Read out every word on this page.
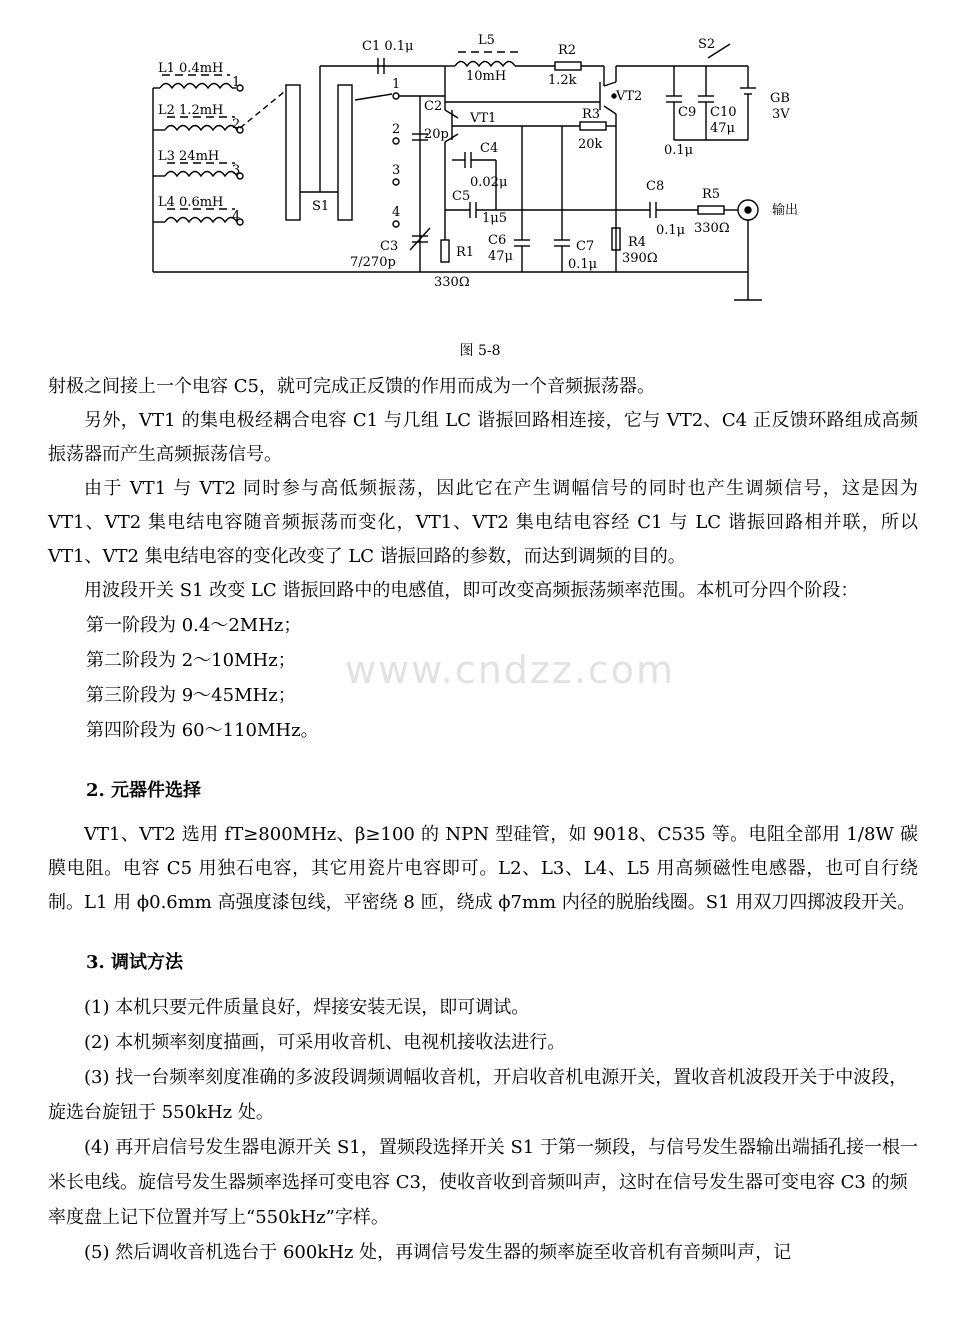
L1 0.4mH
L2 1.2mH
L3 24mH
L4 0.6mH
1
2
3
4
1
2
3
4
S1
C1 0.1μ	L5
10mH
R2
1.2k
VT2
S2
C9 C10
47μ
GB
3V
0.1μ
VT1	R3
20k
C2
20p
C4
0.02μ
C5
1μ5
C6
47μ
C7
0.1μ
R4
390Ω
C8
0.1μ
R5
330Ω
输出
C3
7/270p
R1
330Ω
图 5-8
www.cndzz.com

射极之间接上一个电容 C5，就可完成正反馈的作用而成为一个音频振荡器。

另外，VT1 的集电极经耦合电容 C1 与几组 LC 谐振回路相连接，它与 VT2、C4 正反馈环路组成高频振荡器而产生高频振荡信号。

由于 VT1 与 VT2 同时参与高低频振荡，因此它在产生调幅信号的同时也产生调频信号，这是因为 VT1、VT2 集电结电容随音频振荡而变化，VT1、VT2 集电结电容经 C1 与 LC 谐振回路相并联，所以 VT1、VT2 集电结电容的变化改变了 LC 谐振回路的参数，而达到调频的目的。

用波段开关 S1 改变 LC 谐振回路中的电感值，即可改变高频振荡频率范围。本机可分四个阶段：

第一阶段为 0.4～2MHz；

第二阶段为 2～10MHz；

第三阶段为 9～45MHz；

第四阶段为 60～110MHz。

2. 元器件选择

VT1、VT2 选用 fT≥800MHz、β≥100 的 NPN 型硅管，如 9018、C535 等。电阻全部用 1/8W 碳膜电阻。电容 C5 用独石电容，其它用瓷片电容即可。L2、L3、L4、L5 用高频磁性电感器，也可自行绕制。L1 用 ϕ0.6mm 高强度漆包线，平密绕 8 匝，绕成 ϕ7mm 内径的脱胎线圈。S1 用双刀四掷波段开关。

3. 调试方法

(1) 本机只要元件质量良好，焊接安装无误，即可调试。

(2) 本机频率刻度描画，可采用收音机、电视机接收法进行。

(3) 找一台频率刻度准确的多波段调频调幅收音机，开启收音机电源开关，置收音机波段开关于中波段，旋选台旋钮于 550kHz 处。

(4) 再开启信号发生器电源开关 S1，置频段选择开关 S1 于第一频段，与信号发生器输出端插孔接一根一米长电线。旋信号发生器频率选择可变电容 C3，使收音收到音频叫声，这时在信号发生器可变电容 C3 的频率度盘上记下位置并写上“550kHz”字样。

(5) 然后调收音机选台于 600kHz 处，再调信号发生器的频率旋至收音机有音频叫声，记
